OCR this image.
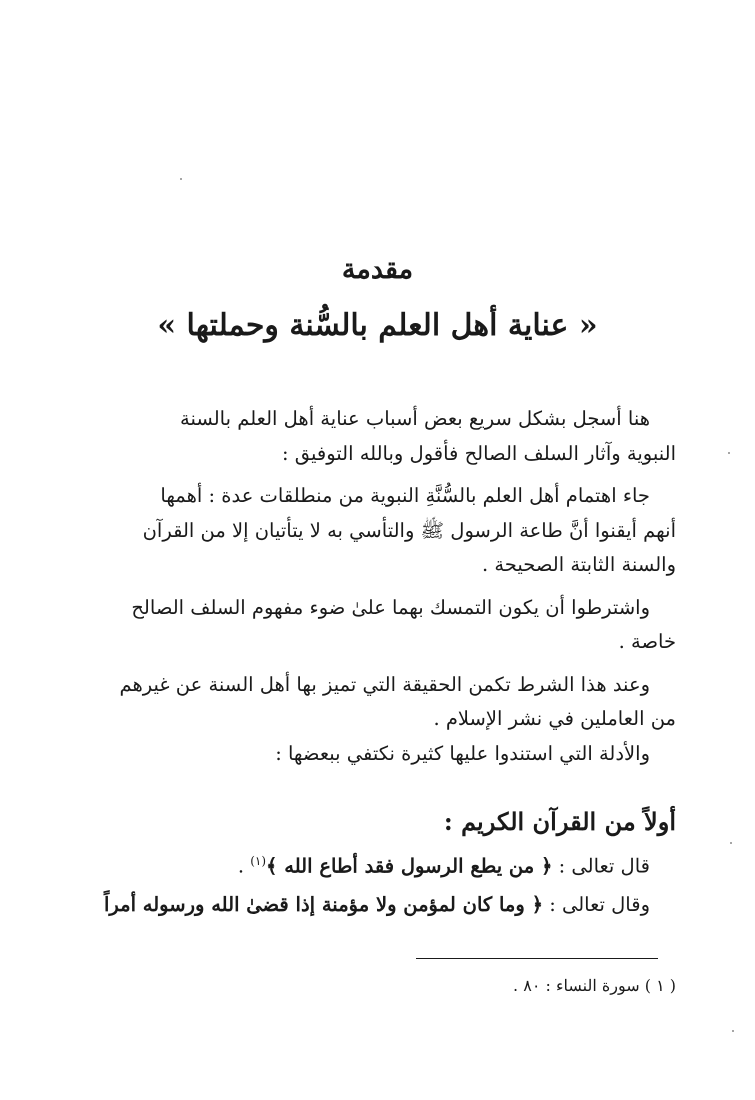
مقدمة
« عناية أهل العلم بالسُّنة وحملتها »

هنا أسجل بشكل سريع بعض أسباب عناية أهل العلم بالسنة
النبوية وآثار السلف الصالح فأقول وبالله التوفيق :

جاء اهتمام أهل العلم بالسُّنَّةِ النبوية من منطلقات عدة : أهمها
أنهم أيقنوا أنَّ طاعة الرسول ﷺ والتأسي به لا يتأتيان إلا من القرآن
والسنة الثابتة الصحيحة .

واشترطوا أن يكون التمسك بهما علىٰ ضوء مفهوم السلف الصالح
خاصة .

وعند هذا الشرط تكمن الحقيقة التي تميز بها أهل السنة عن غيرهم
من العاملين في نشر الإسلام .

والأدلة التي استندوا عليها كثيرة نكتفي ببعضها :

أولاً من القرآن الكريم :

قال تعالى : ﴿ من يطع الرسول فقد أطاع الله ﴾$^{(١)}$ .

وقال تعالى : ﴿ وما كان لمؤمن ولا مؤمنة إذا قضىٰ الله ورسوله أمراً

( ١ ) سورة النساء : ٨٠ .
